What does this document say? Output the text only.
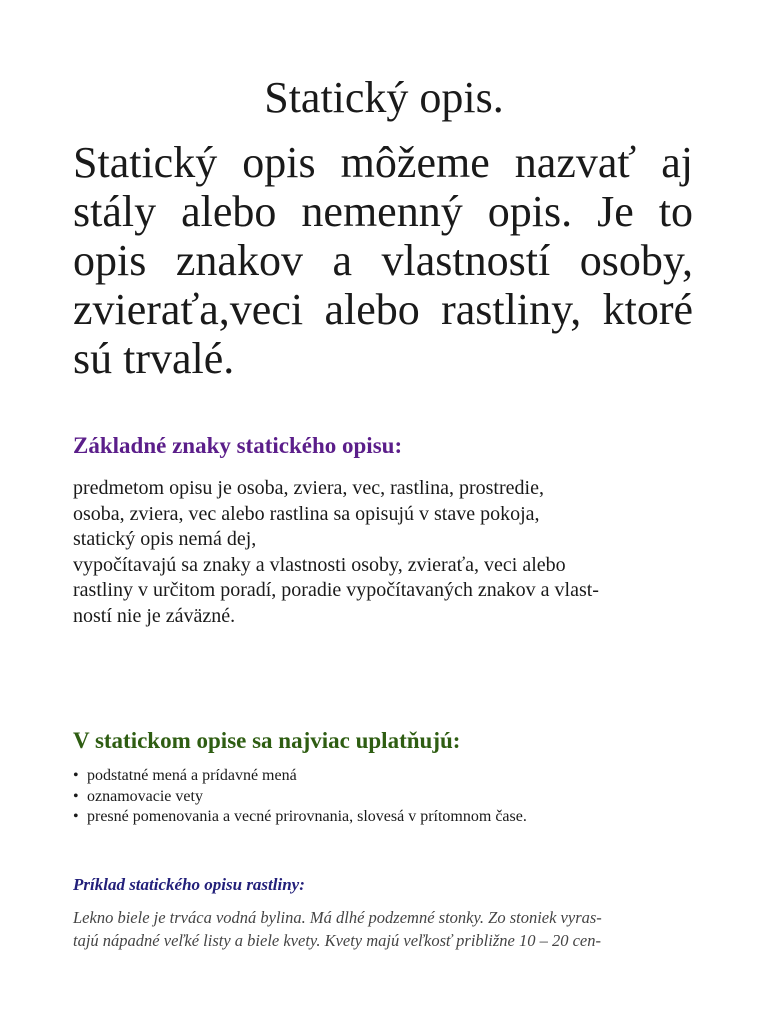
Statický opis.
Statický opis môžeme nazvať aj stály alebo nemenný opis. Je to opis znakov a vlastností osoby, zvieraťa,veci alebo rastliny, ktoré sú trvalé.
Základné znaky statického opisu:
predmetom opisu je osoba, zviera, vec, rastlina, prostredie,
osoba, zviera, vec alebo rastlina sa opisujú v stave pokoja,
statický opis nemá dej,
vypočítavajú sa znaky a vlastnosti osoby, zvieraťa, veci alebo
rastliny v určitom poradí, poradie vypočítavaných znakov a vlast-
ností nie je záväzné.
V statickom opise sa najviac uplatňujú:
• podstatné mená a prídavné mená
• oznamovacie vety
• presné pomenovania a vecné prirovnania, slovesá v prítomnom čase.
Príklad statického opisu rastliny:
Lekno biele je trváca vodná bylina. Má dlhé podzemné stonky. Zo stoniek vyras-
tajú nápadné veľké listy a biele kvety. Kvety majú veľkosť približne 10 – 20 cen-
